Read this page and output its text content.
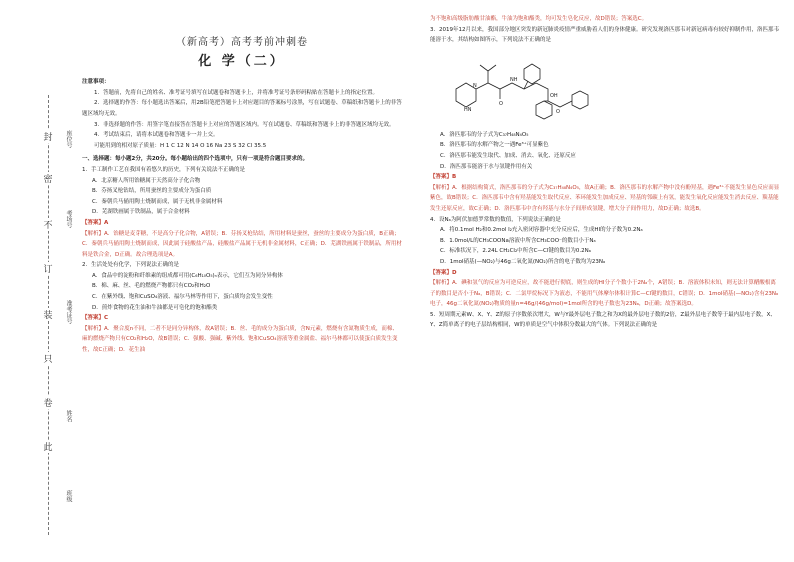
封
密
不
订
装
只
卷
此
座位号
考场号
准考证号
姓名
班级
（新高考）高考考前冲刺卷
化 学（二）

注意事项：

1．答题前，先将自己的姓名、准考证号填写在试题卷和答题卡上，并将准考证号条形码粘贴在答题卡上的指定位置。

2．选择题的作答：每小题选出答案后，用2B铅笔把答题卡上对应题目的答案标号涂黑，写在试题卷、草稿纸和答题卡上的非答题区域均无效。

3．非选择题的作答：用签字笔直接答在答题卡上对应的答题区域内。写在试题卷、草稿纸和答题卡上的非答题区域均无效。

4．考试结束后，请将本试题卷和答题卡一并上交。

可能用到的相对原子质量：H 1 C 12 N 14 O 16 Na 23 S 32 Cl 35.5

一、选择题：每小题2分，共20分。每小题给出的四个选项中，只有一项是符合题目要求的。

1．手工制作工艺在我国有着悠久的历史，下列有关说法不正确的是

A．北京糖人所用饴糖属于天然高分子化合物

B．芬扬叉枪钻结，所用蚕丝的主要成分为蛋白质

C．秦朝兵马俑用陶土烧制而成，属于无机非金属材料

D．芜湖铁画属于铁制品，属于合金材料

【答案】A

【解析】A．饴糖是麦芽糖，不是高分子化合物，A错误；B．芬扬叉枪钻结，所用材料是蚕丝，蚕丝的主要成分为蛋白质，B正确；C．秦朝兵马俑用陶土烧制而成，因此属于硅酸盐产品，硅酸盐产品属于无机非金属材料，C正确；D．芜湖铁画属于铁制品，所用材料是铁合金，D正确。故合理选项是A。

2．生活处处有化学，下列说法正确的是

A．食品中的淀粉和纤维素的组成都可用(C₆H₁₀O₅)ₙ表示，它们互为同分异构体

B．棉、麻、丝、毛的燃烧产物都只有CO₂和H₂O

C．在紫外线、饱和CuSO₄溶液、福尔马林等作用下，蛋白质均会发生变性

D．煎炸食物的花生油和牛油都是可皂化的饱和酯类

【答案】C

【解析】A．聚合度n不同，二者不是同分异构体，故A错误；B．丝、毛的成分为蛋白质，含N元素，燃烧有含氮物质生成，而棉、麻的燃烧产物只有CO₂和H₂O，故B错误；C．强酸、强碱、紫外线、饱和CuSO₄溶液等重金属盐、福尔马林都可以使蛋白质发生变性，故C正确；D．花生油

为不饱和高级脂肪酸甘油酯，牛油为饱和酯类，均可发生皂化反应，故D错误；答案选C。

3．2019年12月以来，我国部分地区突发的新冠肺炎疫情严重威胁着人们的身体健康。研究发现洛匹那韦对新冠病毒有较好抑制作用，洛匹那韦能溶于水，其结构如图所示，下列说法不正确的是

HN
N
O
NH
OH
O

A．洛匹那韦的分子式为C₃₇H₄₈N₄O₅

B．洛匹那韦的水解产物之一遇Fe³⁺可显紫色

C．洛匹那韦能发生取代、加成、消去、氧化、还原反应

D．洛匹那韦能溶于水与氢键作用有关

【答案】B

【解析】A．根据结构简式，洛匹那韦的分子式为C₃₇H₄₈N₄O₅，故A正确；B．洛匹那韦的水解产物中没有酚羟基，遇Fe³⁺不能发生显色反应而显紫色，故B错误；C．洛匹那韦中含有羟基能发生取代反应、苯环能发生加成反应、羟基的邻碳上有氢，能发生氧化反应能发生消去反应、羰基能发生还原反应，故C正确；D．洛匹那韦中含有羟基与水分子间形成氢键，增大分子间作用力，故D正确；故选B。

4．设Nₐ为阿伏加德罗常数的数值，下列说法正确的是

A．将0.1mol H₂和0.2mol I₂充入密闭容器中充分反应后，生成HI的分子数为0.2Nₐ

B．1.0mol/L的CH₃COONa溶液中所含CH₃COO⁻的数目小于Nₐ

C．标准状况下，2.24L CH₂Cl₂中所含C—Cl键的数目为0.2Nₐ

D．1mol硝基(—NO₂)与46g二氧化氮(NO₂)所含的电子数均为23Nₐ

【答案】D

【解析】A．碘和氢气的反应为可逆反应，故不能进行彻底，则生成的HI分子个数小于2Nₐ个，A错误；B．溶液体积未知，则无法计算醋酸根离子的数目是否小于Nₐ，B错误；C．二氯甲烷标况下为液态，不能用气体摩尔体积计算C—Cl键的数目，C错误；D．1mol硝基(—NO₂)含有23Nₐ电子，46g二氧化氮(NO₂)物质的量n=46g/(46g/mol)=1mol所含的电子数也为23Nₐ，D正确；故答案选D。

5．短周期元素W、X、Y、Z的原子序数依次增大，W与Y最外层电子数之和为X的最外层电子数的2倍，Z最外层电子数等于最内层电子数，X、Y、Z简单离子的电子层结构相同，W的单质是空气中体积分数最大的气体。下列说法正确的是
